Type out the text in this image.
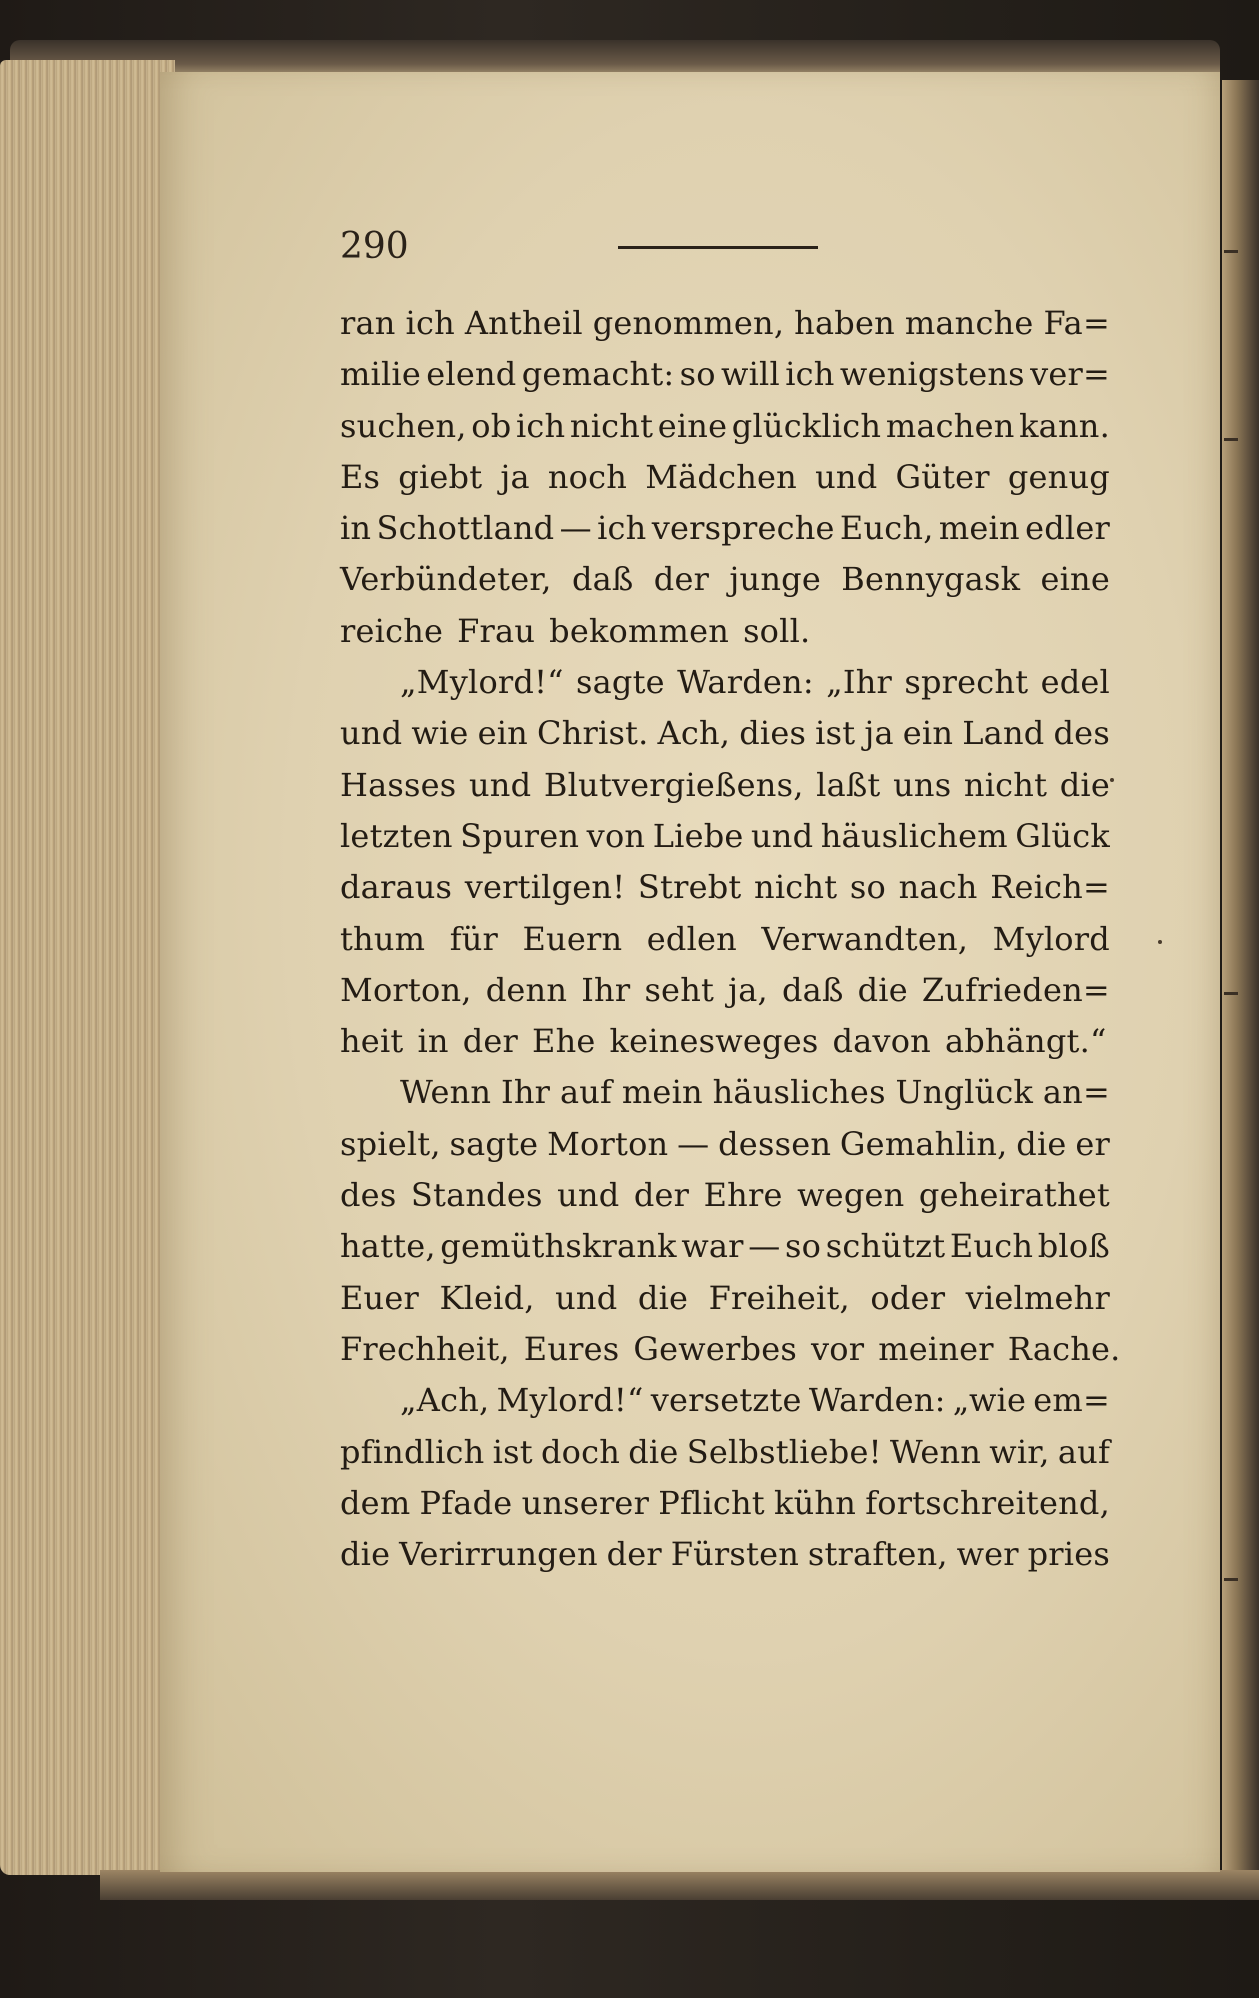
290
ran ich Antheil genommen, haben manche Fa=
milie elend gemacht: so will ich wenigstens ver=
suchen, ob ich nicht eine glücklich machen kann.
Es giebt ja noch Mädchen und Güter genug
in Schottland — ich verspreche Euch, mein edler
Verbündeter, daß der junge Bennygask eine
reiche Frau bekommen soll.
„Mylord!“ sagte Warden: „Ihr sprecht edel
und wie ein Christ. Ach, dies ist ja ein Land des
Hasses und Blutvergießens, laßt uns nicht die
letzten Spuren von Liebe und häuslichem Glück
daraus vertilgen! Strebt nicht so nach Reich=
thum für Euern edlen Verwandten, Mylord
Morton, denn Ihr seht ja, daß die Zufrieden=
heit in der Ehe keinesweges davon abhängt.“
Wenn Ihr auf mein häusliches Unglück an=
spielt, sagte Morton — dessen Gemahlin, die er
des Standes und der Ehre wegen geheirathet
hatte, gemüthskrank war — so schützt Euch bloß
Euer Kleid, und die Freiheit, oder vielmehr
Frechheit, Eures Gewerbes vor meiner Rache.
„Ach, Mylord!“ versetzte Warden: „wie em=
pfindlich ist doch die Selbstliebe! Wenn wir, auf
dem Pfade unserer Pflicht kühn fortschreitend,
die Verirrungen der Fürsten straften, wer pries
